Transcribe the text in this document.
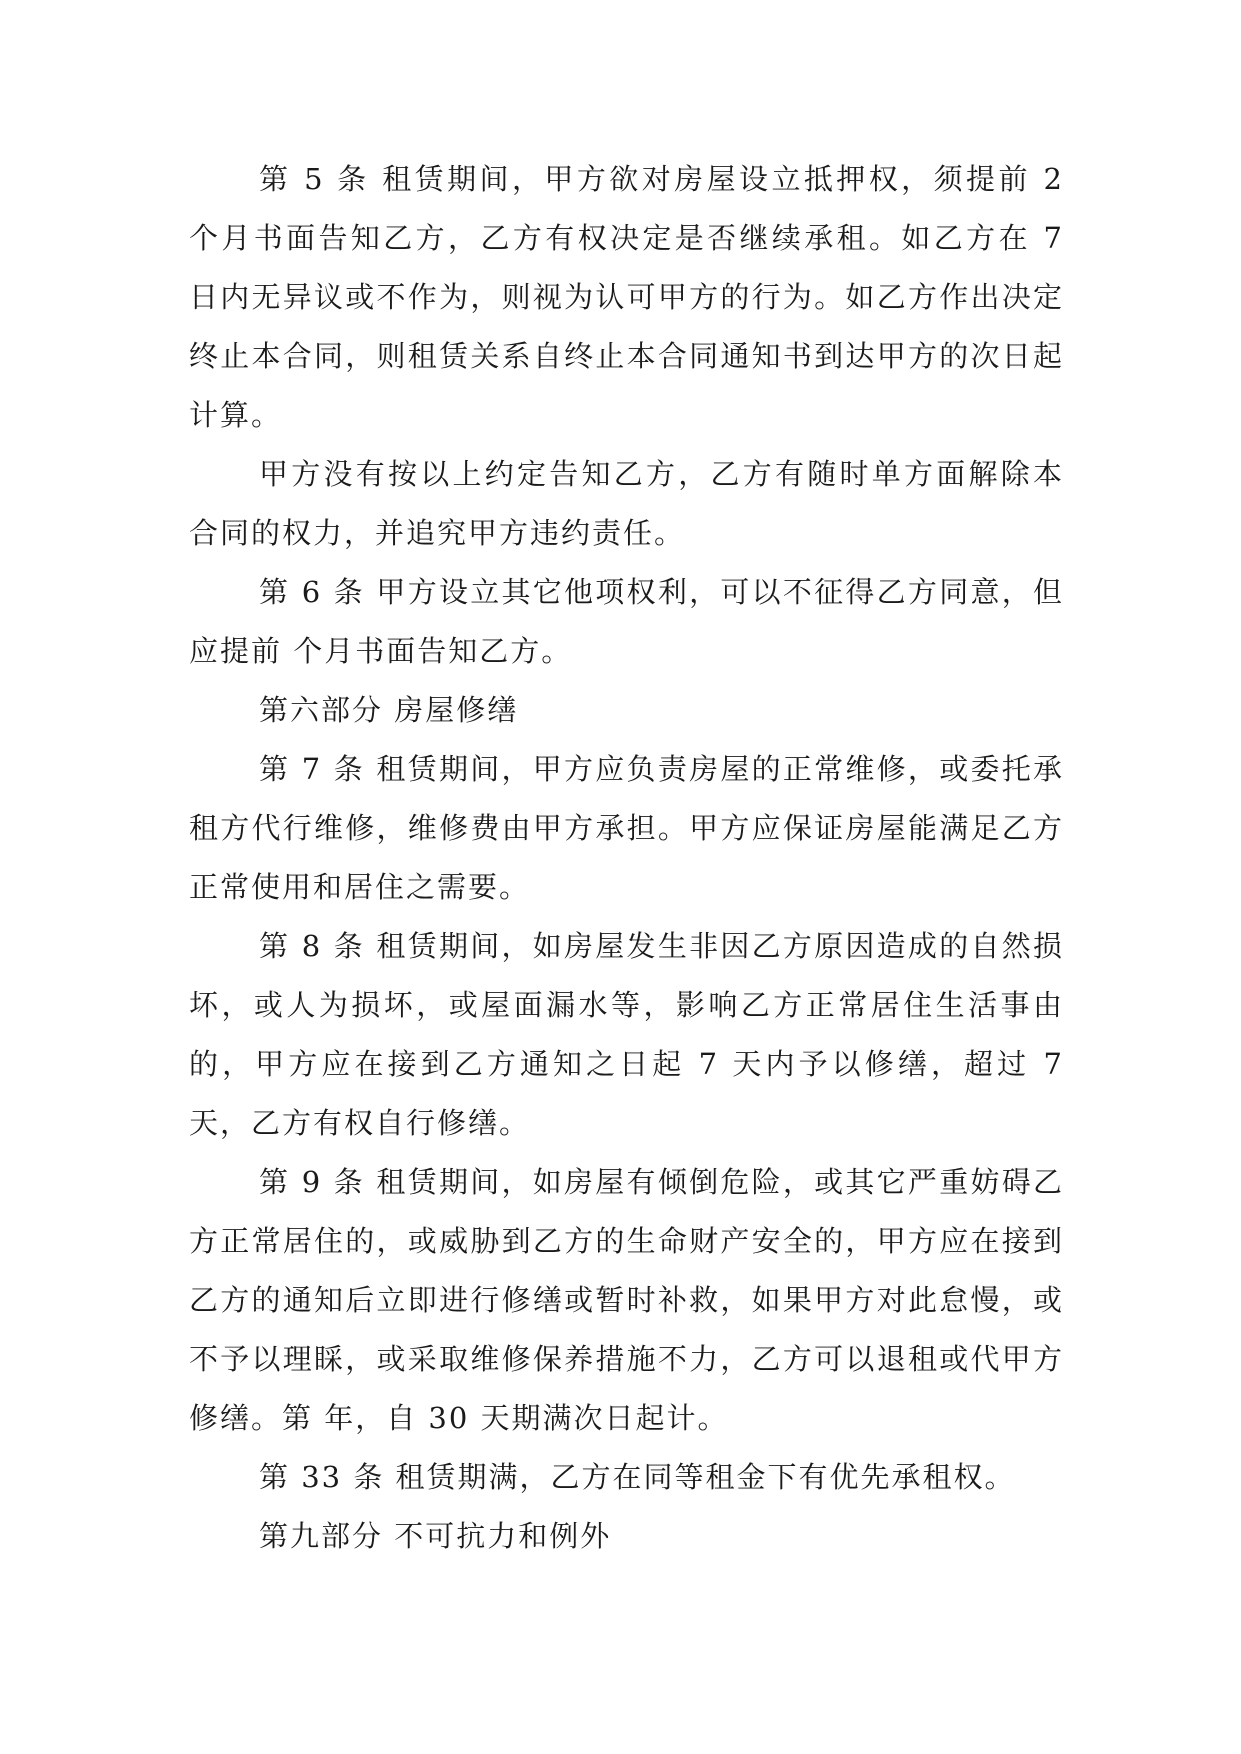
第 5 条 租赁期间，甲方欲对房屋设立抵押权，须提前 2 个月书面告知乙方，乙方有权决定是否继续承租。如乙方在 7 日内无异议或不作为，则视为认可甲方的行为。如乙方作出决定终止本合同，则租赁关系自终止本合同通知书到达甲方的次日起计算。

甲方没有按以上约定告知乙方，乙方有随时单方面解除本合同的权力，并追究甲方违约责任。

第 6 条 甲方设立其它他项权利，可以不征得乙方同意，但应提前 个月书面告知乙方。

第六部分 房屋修缮

第 7 条 租赁期间，甲方应负责房屋的正常维修，或委托承租方代行维修，维修费由甲方承担。甲方应保证房屋能满足乙方正常使用和居住之需要。

第 8 条 租赁期间，如房屋发生非因乙方原因造成的自然损坏，或人为损坏，或屋面漏水等，影响乙方正常居住生活事由的，甲方应在接到乙方通知之日起 7 天内予以修缮，超过 7 天，乙方有权自行修缮。

第 9 条 租赁期间，如房屋有倾倒危险，或其它严重妨碍乙方正常居住的，或威胁到乙方的生命财产安全的，甲方应在接到乙方的通知后立即进行修缮或暂时补救，如果甲方对此怠慢，或不予以理睬，或采取维修保养措施不力，乙方可以退租或代甲方修缮。第 年，自 30 天期满次日起计。

第 33 条 租赁期满，乙方在同等租金下有优先承租权。

第九部分 不可抗力和例外
